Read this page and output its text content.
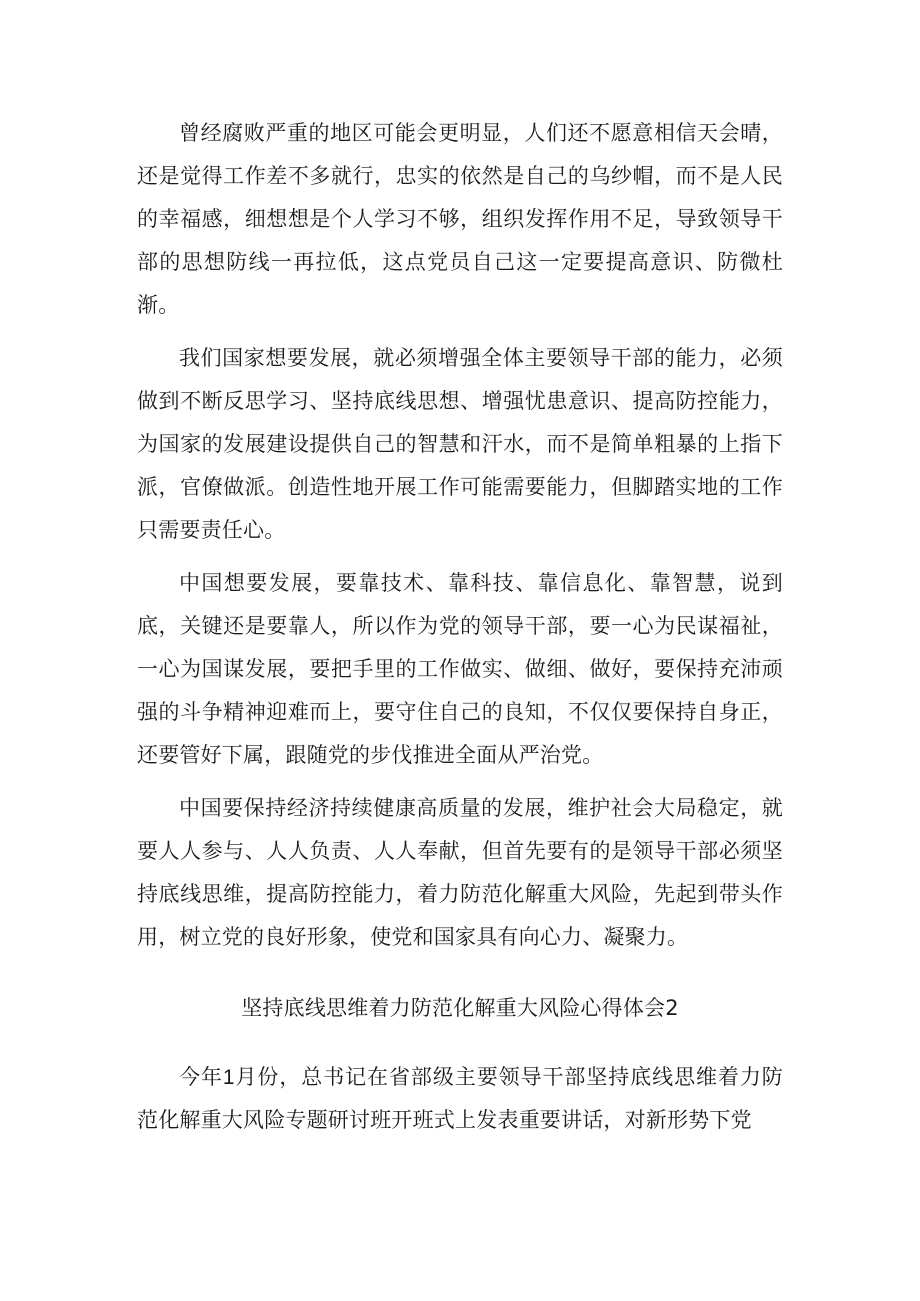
曾经腐败严重的地区可能会更明显，人们还不愿意相信天会晴，还是觉得工作差不多就行，忠实的依然是自己的乌纱帽，而不是人民的幸福感，细想想是个人学习不够，组织发挥作用不足，导致领导干部的思想防线一再拉低，这点党员自己这一定要提高意识、防微杜渐。

我们国家想要发展，就必须增强全体主要领导干部的能力，必须做到不断反思学习、坚持底线思想、增强忧患意识、提高防控能力，为国家的发展建设提供自己的智慧和汗水，而不是简单粗暴的上指下派，官僚做派。创造性地开展工作可能需要能力，但脚踏实地的工作只需要责任心。

中国想要发展，要靠技术、靠科技、靠信息化、靠智慧，说到底，关键还是要靠人，所以作为党的领导干部，要一心为民谋福祉，一心为国谋发展，要把手里的工作做实、做细、做好，要保持充沛顽强的斗争精神迎难而上，要守住自己的良知，不仅仅要保持自身正，还要管好下属，跟随党的步伐推进全面从严治党。

中国要保持经济持续健康高质量的发展，维护社会大局稳定，就要人人参与、人人负责、人人奉献，但首先要有的是领导干部必须坚持底线思维，提高防控能力，着力防范化解重大风险，先起到带头作用，树立党的良好形象，使党和国家具有向心力、凝聚力。

坚持底线思维着力防范化解重大风险心得体会2

今年1月份，总书记在省部级主要领导干部坚持底线思维着力防范化解重大风险专题研讨班开班式上发表重要讲话，对新形势下党
